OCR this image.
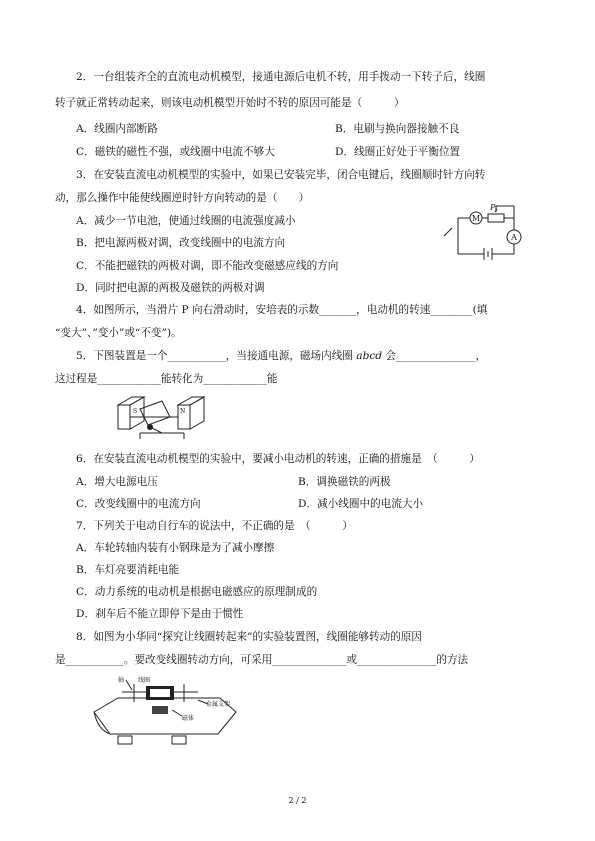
2．一台组装齐全的直流电动机模型，接通电源后电机不转，用手拨动一下转子后，线圈
转子就正常转动起来，则该电动机模型开始时不转的原因可能是（　　　）
A．线圈内部断路	B．电刷与换向器接触不良
C．磁铁的磁性不强，或线圈中电流不够大	D．线圈正好处于平衡位置
3．在安装直流电动机模型的实验中，如果已安装完毕，闭合电键后，线圈顺时针方向转
动，那么操作中能使线圈逆时针方向转动的是（　　）
A．减少一节电池，使通过线圈的电流强度减小
B．把电源两极对调，改变线圈中的电流方向
C．不能把磁铁的两极对调，即不能改变磁感应线的方向
D．同时把电源的两极及磁铁的两极对调
M
A
P
4．如图所示，当滑片 P 向右滑动时，安培表的示数_______，电动机的转速________(填
“变大”、”变小”或“不变”)。
5．下图装置是一个___________，当接通电源，磁场内线圈 abcd 会_______________，
这过程是____________能转化为____________能
S	N
6．在安装直流电动机模型的实验中，要减小电动机的转速，正确的措施是　（　　　）
A．增大电源电压	B．调换磁铁的两极
C．改变线圈中的电流方向	D．减小线圈中的电流大小
7．下列关于电动自行车的说法中，不正确的是　（　　　）
A．车轮转轴内装有小钢珠是为了减小摩擦
B．车灯亮要消耗电能
C．动力系统的电动机是根据电磁感应的原理制成的
D．刹车后不能立即停下是由于惯性
8．如图为小华同“探究让线圈转起来”的实验装置图，线圈能够转动的原因
是___________。要改变线圈转动方向，可采用______________或_______________的方法
轴 线圈
金属支架
磁体
2 / 2
